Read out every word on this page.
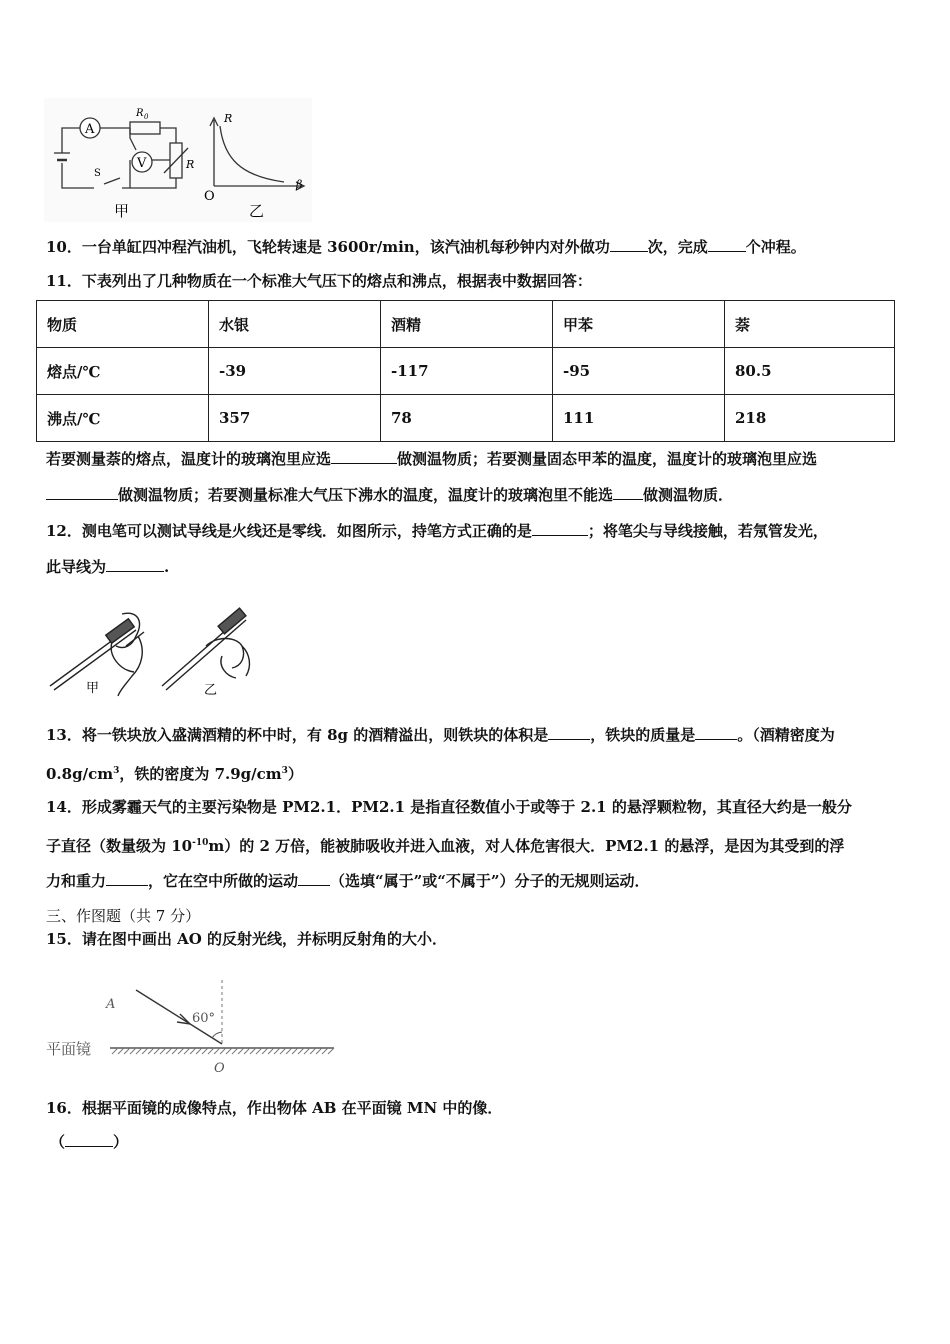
A
R 0
V
S
R
甲
R
O
β
乙
10．一台单缸四冲程汽油机，飞轮转速是 3600r/min，该汽油机每秒钟内对外做功	次，完成	个冲程。
11．下表列出了几种物质在一个标准大气压下的熔点和沸点，根据表中数据回答：
物质	水银	酒精	甲苯	萘
熔点/℃	-39	-117	-95	80.5
沸点/℃	357	78	111	218
若要测量萘的熔点，温度计的玻璃泡里应选	做测温物质；若要测量固态甲苯的温度，温度计的玻璃泡里应选
做测温物质；若要测量标准大气压下沸水的温度，温度计的玻璃泡里不能选 做测温物质．
12．测电笔可以测试导线是火线还是零线．如图所示，持笔方式正确的是	；将笔尖与导线接触，若氖管发光，
此导线为	.
甲	乙
13．将一铁块放入盛满酒精的杯中时，有 8g 的酒精溢出，则铁块的体积是	，铁块的质量是	。（酒精密度为
$0.8g/cm^3$，铁的密度为 $7.9g/cm^3$）
14．形成雾霾天气的主要污染物是 PM2.1．PM2.1 是指直径数值小于或等于 2.1 的悬浮颗粒物，其直径大约是一般分
子直径（数量级为 $10^{-10}m$）的 2 万倍，能被肺吸收并进入血液，对人体危害很大．PM2.1 的悬浮，是因为其受到的浮
力和重力	，它在空中所做的运动 （选填“属于”或“不属于”）分子的无规则运动．
三、作图题（共 7 分）
15．请在图中画出 AO 的反射光线，并标明反射角的大小．
A
60°
平面镜
O
16．根据平面镜的成像特点，作出物体 AB 在平面镜 MN 中的像．
（	）
